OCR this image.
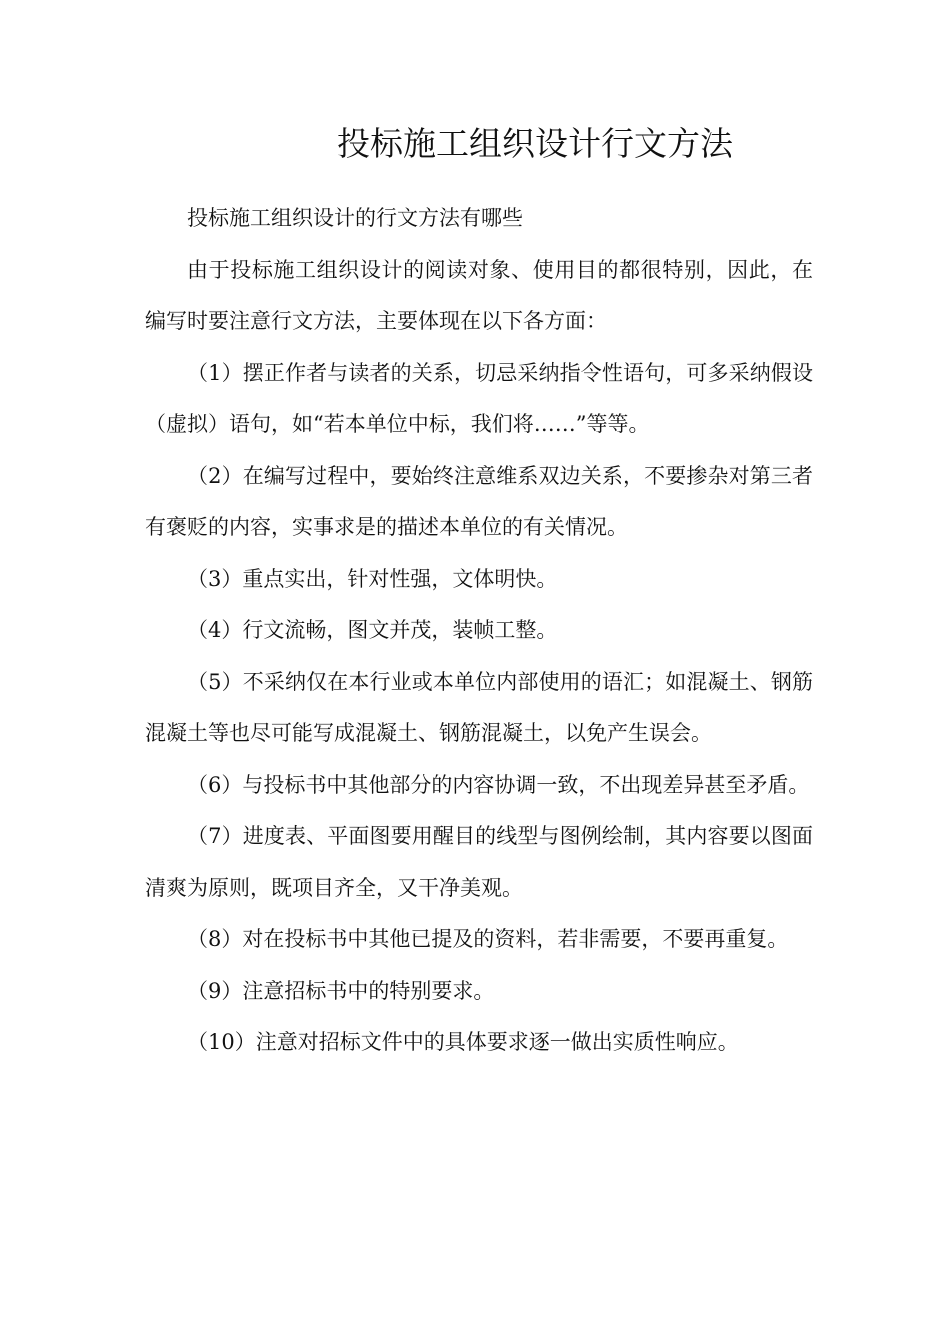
投标施工组织设计行文方法

投标施工组织设计的行文方法有哪些

由于投标施工组织设计的阅读对象、使用目的都很特别，因此，在编写时要注意行文方法，主要体现在以下各方面：

（1）摆正作者与读者的关系，切忌采纳指令性语句，可多采纳假设（虚拟）语句，如“若本单位中标，我们将……”等等。

（2）在编写过程中，要始终注意维系双边关系，不要掺杂对第三者有褒贬的内容，实事求是的描述本单位的有关情况。

（3）重点实出，针对性强，文体明快。

（4）行文流畅，图文并茂，装帧工整。

（5）不采纳仅在本行业或本单位内部使用的语汇；如混凝土、钢筋混凝土等也尽可能写成混凝土、钢筋混凝土，以免产生误会。

（6）与投标书中其他部分的内容协调一致，不出现差异甚至矛盾。

（7）进度表、平面图要用醒目的线型与图例绘制，其内容要以图面清爽为原则，既项目齐全，又干净美观。

（8）对在投标书中其他已提及的资料，若非需要，不要再重复。

（9）注意招标书中的特别要求。

（10）注意对招标文件中的具体要求逐一做出实质性响应。
